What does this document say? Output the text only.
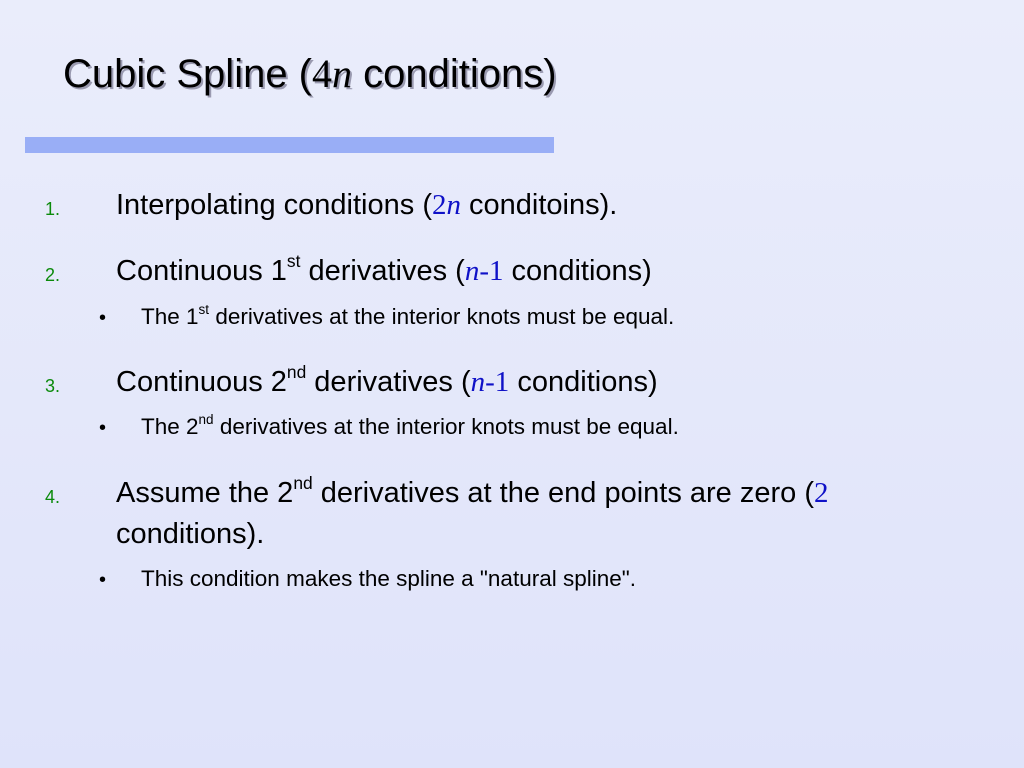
Cubic Spline (4n conditions)
1. Interpolating conditions (2n conditoins).
2. Continuous 1st derivatives (n-1 conditions)
• The 1st derivatives at the interior knots must be equal.
3. Continuous 2nd derivatives (n-1 conditions)
• The 2nd derivatives at the interior knots must be equal.
4. Assume the 2nd derivatives at the end points are zero (2
conditions).
• This condition makes the spline a "natural spline".
